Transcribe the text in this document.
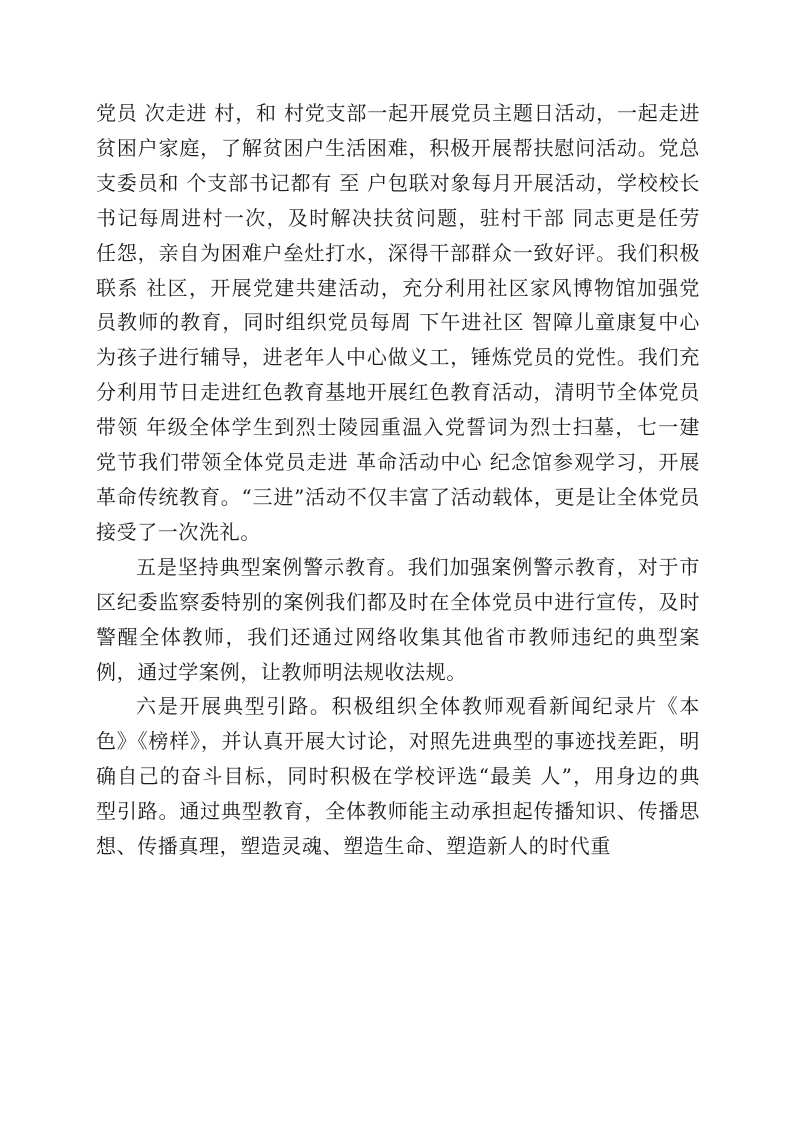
党员 次走进 村，和 村党支部一起开展党员主题日活动，一起走进贫困户家庭，了解贫困户生活困难，积极开展帮扶慰问活动。党总支委员和 个支部书记都有 至 户包联对象每月开展活动，学校校长书记每周进村一次，及时解决扶贫问题，驻村干部 同志更是任劳任怨，亲自为困难户垒灶打水，深得干部群众一致好评。我们积极联系 社区，开展党建共建活动，充分利用社区家风博物馆加强党员教师的教育，同时组织党员每周 下午进社区 智障儿童康复中心为孩子进行辅导，进老年人中心做义工，锤炼党员的党性。我们充分利用节日走进红色教育基地开展红色教育活动，清明节全体党员带领 年级全体学生到烈士陵园重温入党誓词为烈士扫墓，七一建党节我们带领全体党员走进 革命活动中心 纪念馆参观学习，开展革命传统教育。“三进”活动不仅丰富了活动载体，更是让全体党员接受了一次洗礼。

五是坚持典型案例警示教育。我们加强案例警示教育，对于市区纪委监察委特别的案例我们都及时在全体党员中进行宣传，及时警醒全体教师，我们还通过网络收集其他省市教师违纪的典型案例，通过学案例，让教师明法规收法规。

六是开展典型引路。积极组织全体教师观看新闻纪录片《本色》《榜样》，并认真开展大讨论，对照先进典型的事迹找差距，明确自己的奋斗目标，同时积极在学校评选“最美 人”，用身边的典型引路。通过典型教育，全体教师能主动承担起传播知识、传播思想、传播真理，塑造灵魂、塑造生命、塑造新人的时代重
